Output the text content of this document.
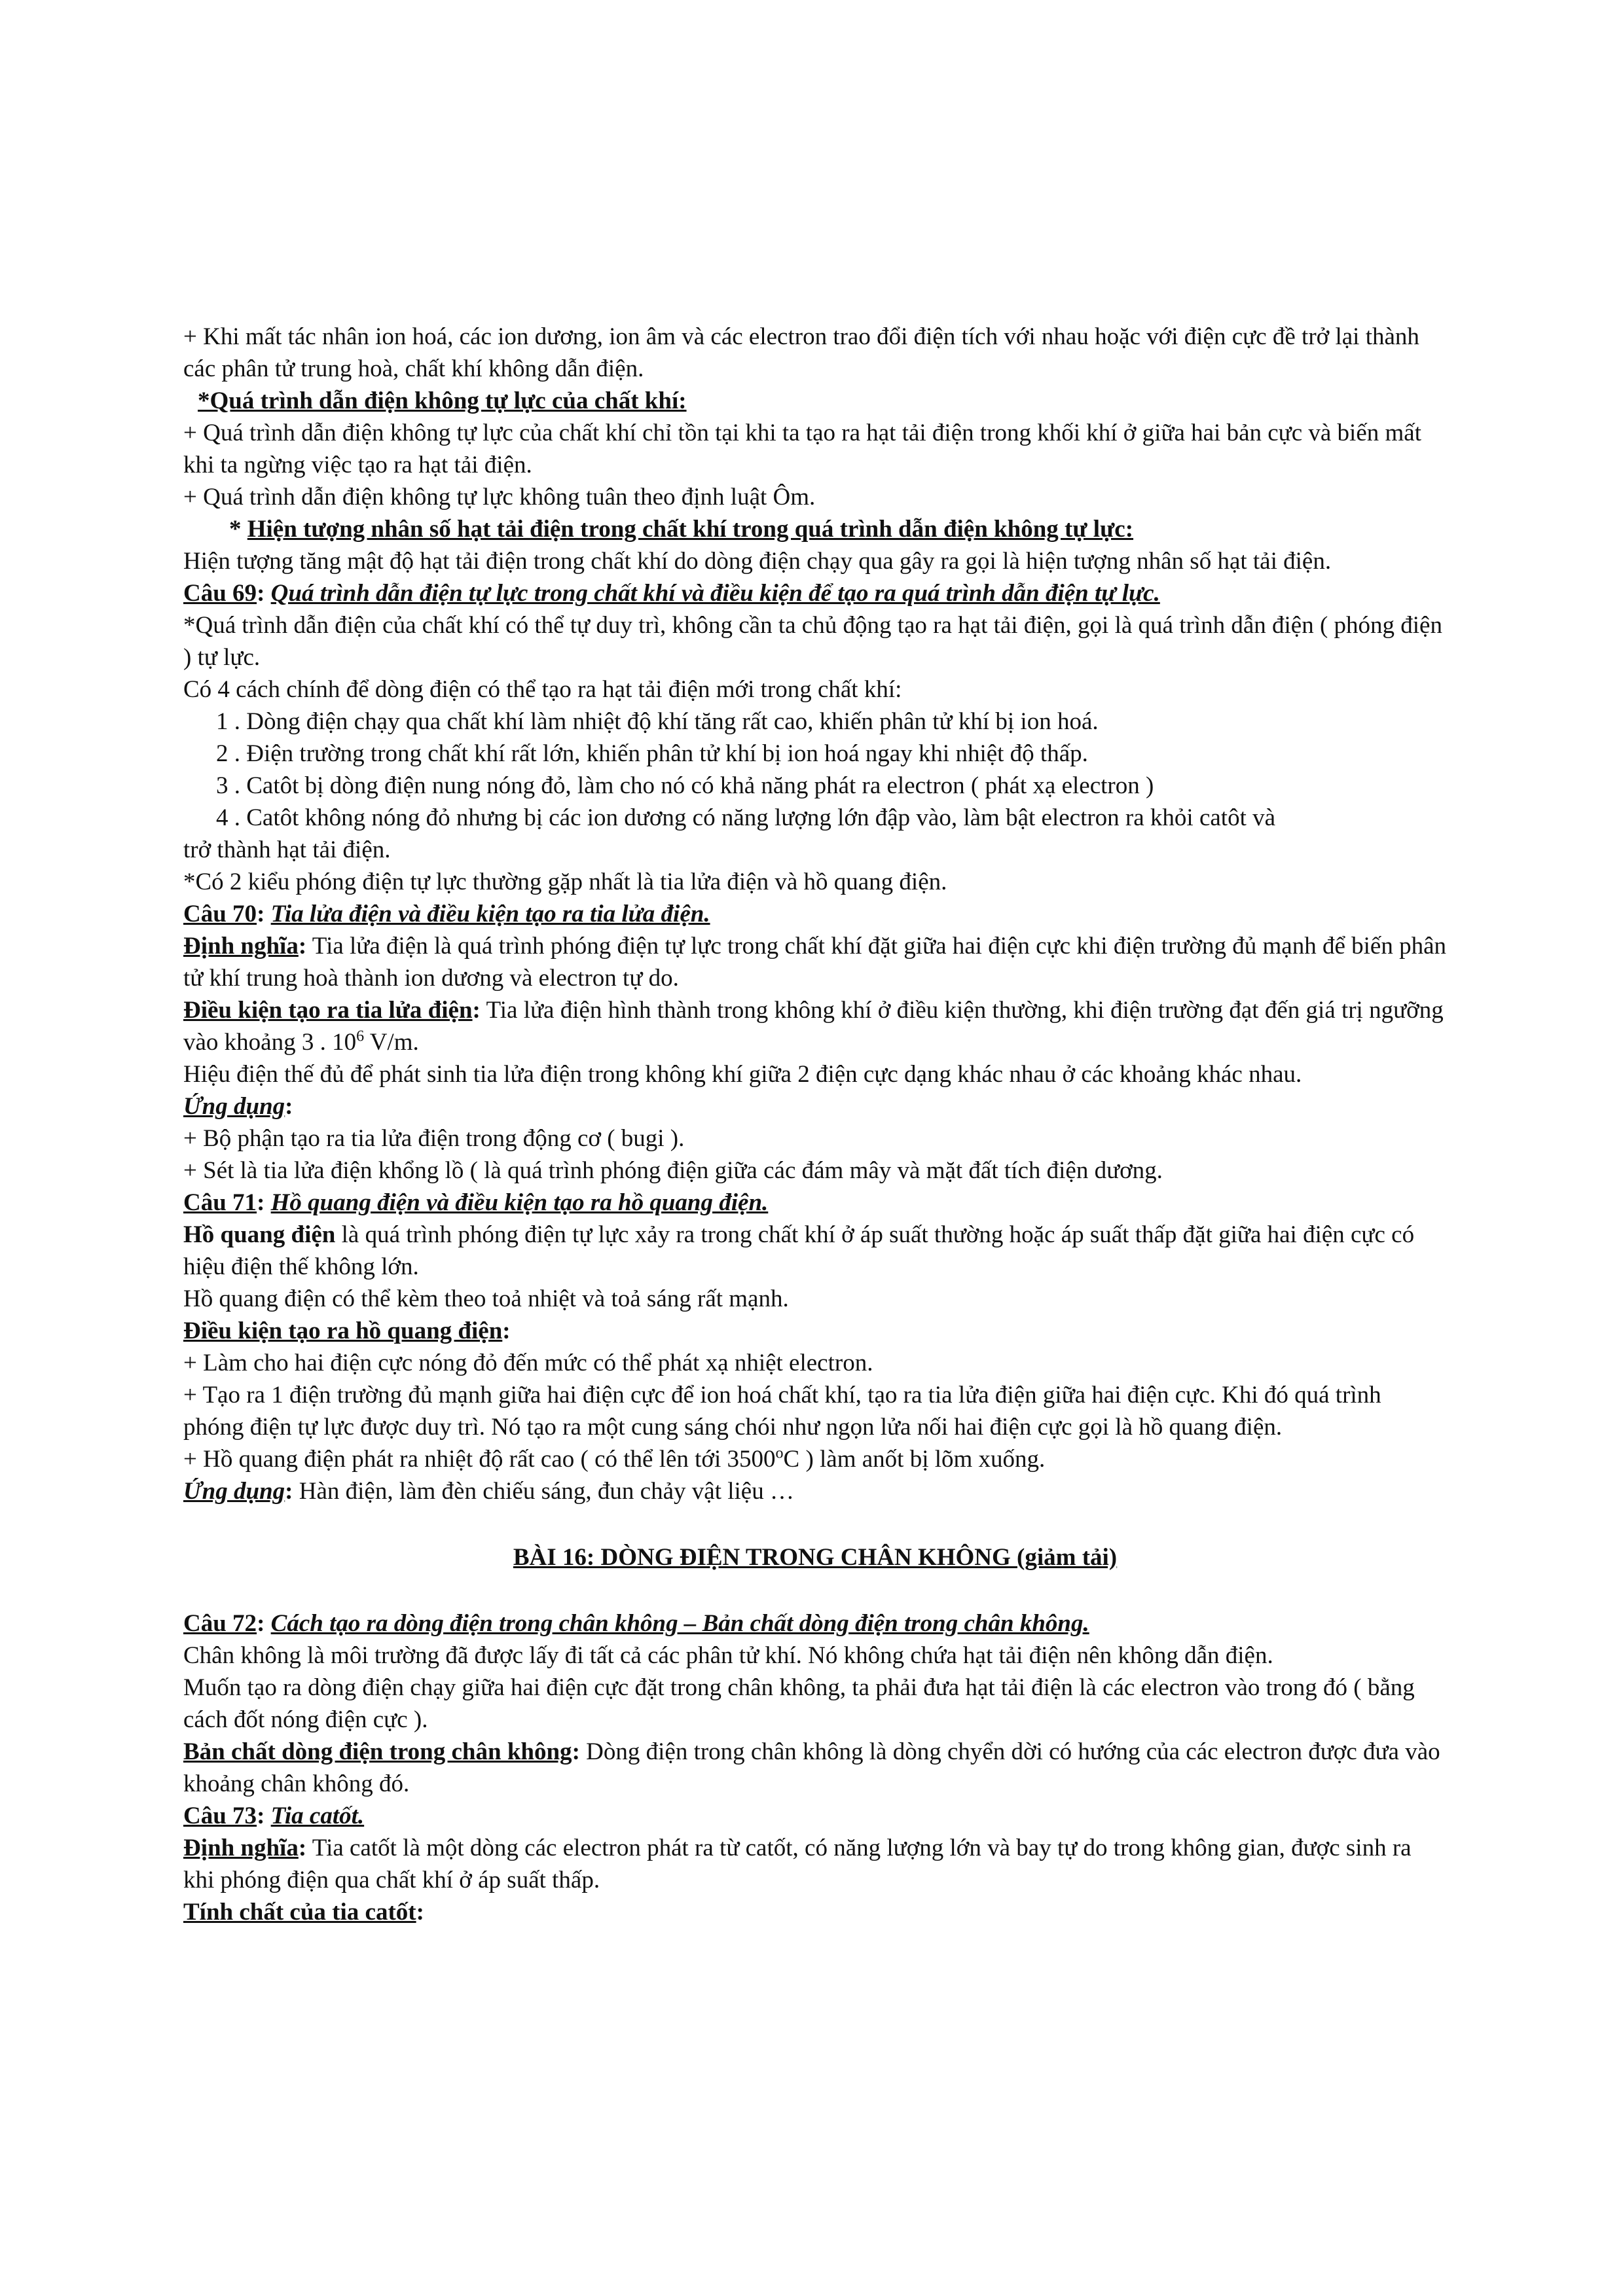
+ Khi mất tác nhân ion hoá, các ion dương, ion âm và các electron trao đổi điện tích với nhau hoặc với điện cực đề trở lại thành các phân tử trung hoà, chất khí không dẫn điện.

*Quá trình dẫn điện không tự lực của chất khí:

+ Quá trình dẫn điện không tự lực của chất khí chỉ tồn tại khi ta tạo ra hạt tải điện trong khối khí ở giữa hai bản cực và biến mất khi ta ngừng việc tạo ra hạt tải điện.

+ Quá trình dẫn điện không tự lực không tuân theo định luật Ôm.

* Hiện tượng nhân số hạt tải điện trong chất khí trong quá trình dẫn điện không tự lực:

Hiện tượng tăng mật độ hạt tải điện trong chất khí do dòng điện chạy qua gây ra gọi là hiện tượng nhân số hạt tải điện.

Câu 69: Quá trình dẫn điện tự lực trong chất khí và điều kiện để tạo ra quá trình dẫn điện tự lực.

*Quá trình dẫn điện của chất khí có thể tự duy trì, không cần ta chủ động tạo ra hạt tải điện, gọi là quá trình dẫn điện ( phóng điện ) tự lực.

Có 4 cách chính để dòng điện có thể tạo ra hạt tải điện mới trong chất khí:

1 . Dòng điện chạy qua chất khí làm nhiệt độ khí tăng rất cao, khiến phân tử khí bị ion hoá.

2 . Điện trường trong chất khí rất lớn, khiến phân tử khí bị ion hoá ngay khi nhiệt độ thấp.

3 . Catôt bị dòng điện nung nóng đỏ, làm cho nó có khả năng phát ra electron ( phát xạ electron )

4 . Catôt không nóng đỏ nhưng bị các ion dương có năng lượng lớn đập vào, làm bật electron ra khỏi catôt và

trở thành hạt tải điện.

*Có 2 kiểu phóng điện tự lực thường gặp nhất là tia lửa điện và hồ quang điện.

Câu 70: Tia lửa điện và điều kiện tạo ra tia lửa điện.

Định nghĩa: Tia lửa điện là quá trình phóng điện tự lực trong chất khí đặt giữa hai điện cực khi điện trường đủ mạnh để biến phân tử khí trung hoà thành ion dương và electron tự do.

Điều kiện tạo ra tia lửa điện: Tia lửa điện hình thành trong không khí ở điều kiện thường, khi điện trường đạt đến giá trị ngưỡng vào khoảng 3 . $10^6$ V/m.

Hiệu điện thế đủ để phát sinh tia lửa điện trong không khí giữa 2 điện cực dạng khác nhau ở các khoảng khác nhau.

Ứng dụng:

+ Bộ phận tạo ra tia lửa điện trong động cơ ( bugi ).

+ Sét là tia lửa điện khổng lồ ( là quá trình phóng điện giữa các đám mây và mặt đất tích điện dương.

Câu 71: Hồ quang điện và điều kiện tạo ra hồ quang điện.

Hồ quang điện là quá trình phóng điện tự lực xảy ra trong chất khí ở áp suất thường hoặc áp suất thấp đặt giữa hai điện cực có hiệu điện thế không lớn.

Hồ quang điện có thể kèm theo toả nhiệt và toả sáng rất mạnh.

Điều kiện tạo ra hồ quang điện:

+ Làm cho hai điện cực nóng đỏ đến mức có thể phát xạ nhiệt electron.

+ Tạo ra 1 điện trường đủ mạnh giữa hai điện cực để ion hoá chất khí, tạo ra tia lửa điện giữa hai điện cực. Khi đó quá trình phóng điện tự lực được duy trì. Nó tạo ra một cung sáng chói như ngọn lửa nối hai điện cực gọi là hồ quang điện.

+ Hồ quang điện phát ra nhiệt độ rất cao ( có thể lên tới 3500$^o$C ) làm anốt bị lõm xuống.

Ứng dụng: Hàn điện, làm đèn chiếu sáng, đun chảy vật liệu …

BÀI 16: DÒNG ĐIỆN TRONG CHÂN KHÔNG (giảm tải)

Câu 72: Cách tạo ra dòng điện trong chân không – Bản chất dòng điện trong chân không.

Chân không là môi trường đã được lấy đi tất cả các phân tử khí. Nó không chứa hạt tải điện nên không dẫn điện.

Muốn tạo ra dòng điện chạy giữa hai điện cực đặt trong chân không, ta phải đưa hạt tải điện là các electron vào trong đó ( bằng cách đốt nóng điện cực ).

Bản chất dòng điện trong chân không: Dòng điện trong chân không là dòng chyển dời có hướng của các electron được đưa vào khoảng chân không đó.

Câu 73: Tia catốt.

Định nghĩa: Tia catốt là một dòng các electron phát ra từ catốt, có năng lượng lớn và bay tự do trong không gian, được sinh ra khi phóng điện qua chất khí ở áp suất thấp.

Tính chất của tia catốt:
